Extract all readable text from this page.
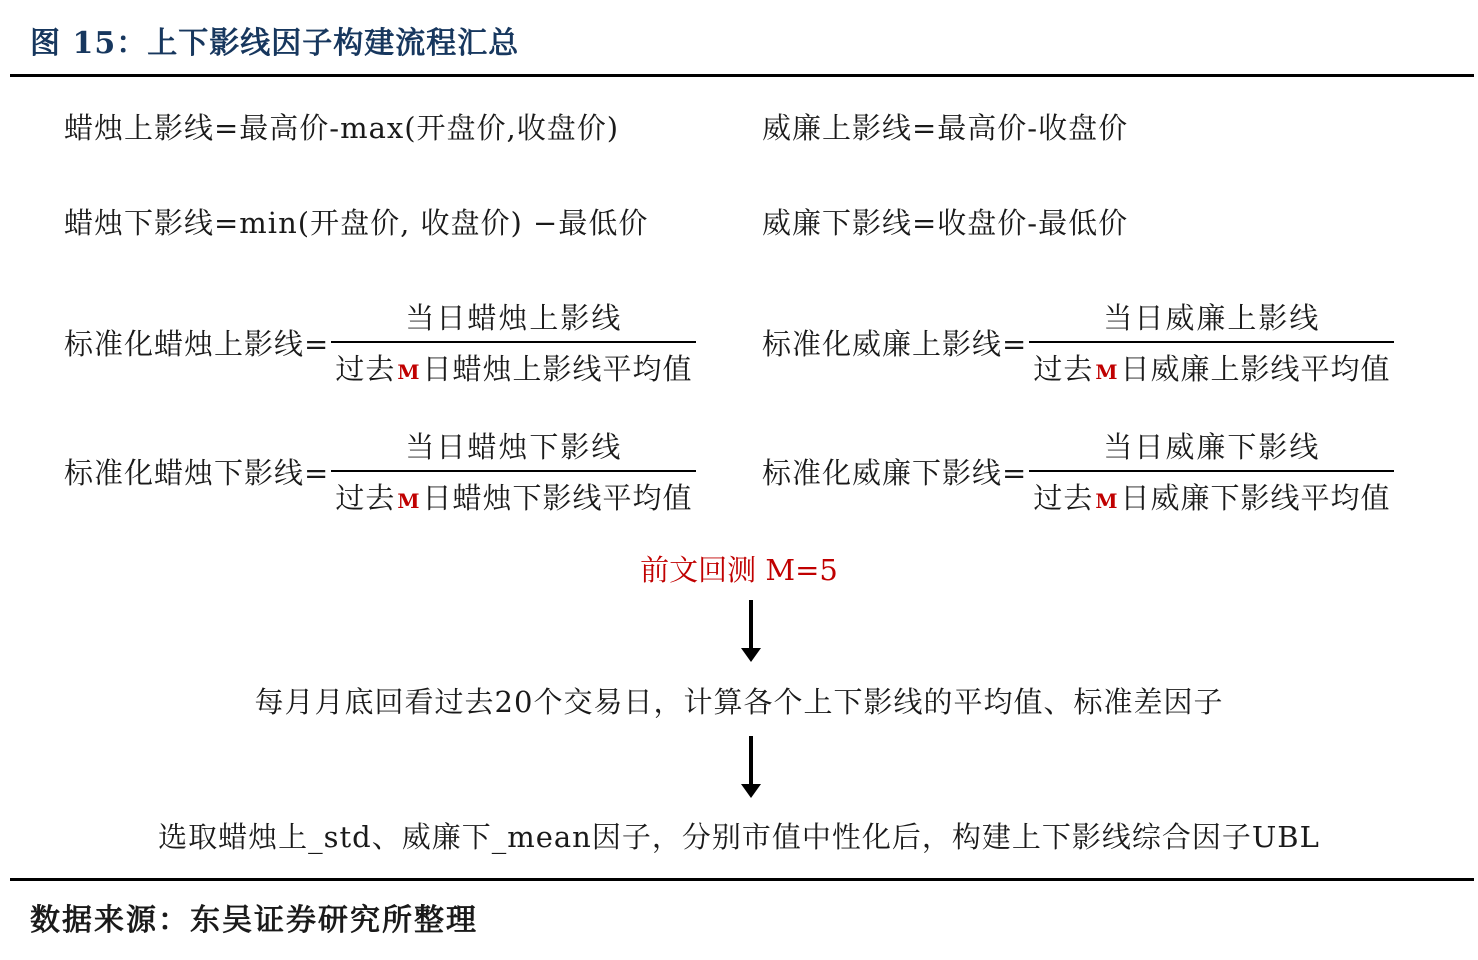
图 15：上下影线因子构建流程汇总
蜡烛上影线=最高价-max(开盘价,收盘价)	威廉上影线=最高价-收盘价
蜡烛下影线=min(开盘价, 收盘价) −最低价	威廉下影线=收盘价-最低价
标准化蜡烛上影线= $\frac{\text{当日蜡烛上影线}}{\text{过去 M日蜡烛上影线平均值}}$ 标准化威廉上影线= $\frac{\text{当日威廉上影线}}{\text{过去 M日威廉上影线平均值}}$
标准化蜡烛下影线= $\frac{\text{当日蜡烛下影线}}{\text{过去 M日蜡烛下影线平均值}}$ 标准化威廉下影线= $\frac{\text{当日威廉下影线}}{\text{过去 M日威廉下影线平均值}}$
前文回测 M=5
每月月底回看过去20个交易日，计算各个上下影线的平均值、标准差因子
选取蜡烛上_std、威廉下_mean因子，分别市值中性化后，构建上下影线综合因子UBL
数据来源：东吴证券研究所整理
